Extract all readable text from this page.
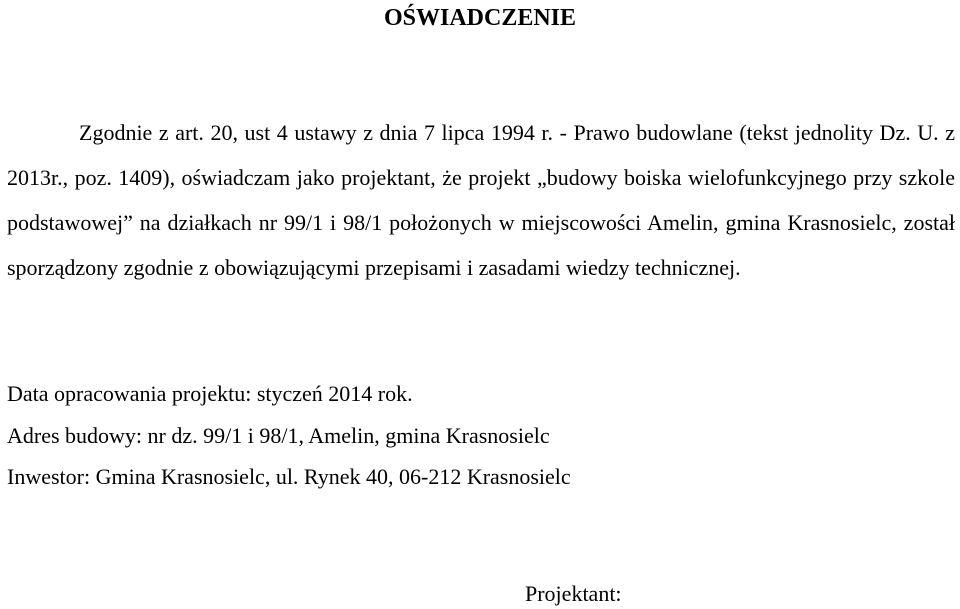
OŚWIADCZENIE

Zgodnie z art. 20, ust 4 ustawy z dnia 7 lipca 1994 r. - Prawo budowlane (tekst jednolity Dz. U. z 2013r., poz. 1409), oświadczam jako projektant, że projekt „budowy boiska wielofunkcyjnego przy szkole podstawowej” na działkach nr 99/1 i 98/1 położonych w miejscowości Amelin, gmina Krasnosielc, został sporządzony zgodnie z obowiązującymi przepisami i zasadami wiedzy technicznej.

Data opracowania projektu: styczeń 2014 rok.

Adres budowy: nr dz. 99/1 i 98/1, Amelin, gmina Krasnosielc

Inwestor: Gmina Krasnosielc, ul. Rynek 40, 06-212 Krasnosielc

Projektant:
